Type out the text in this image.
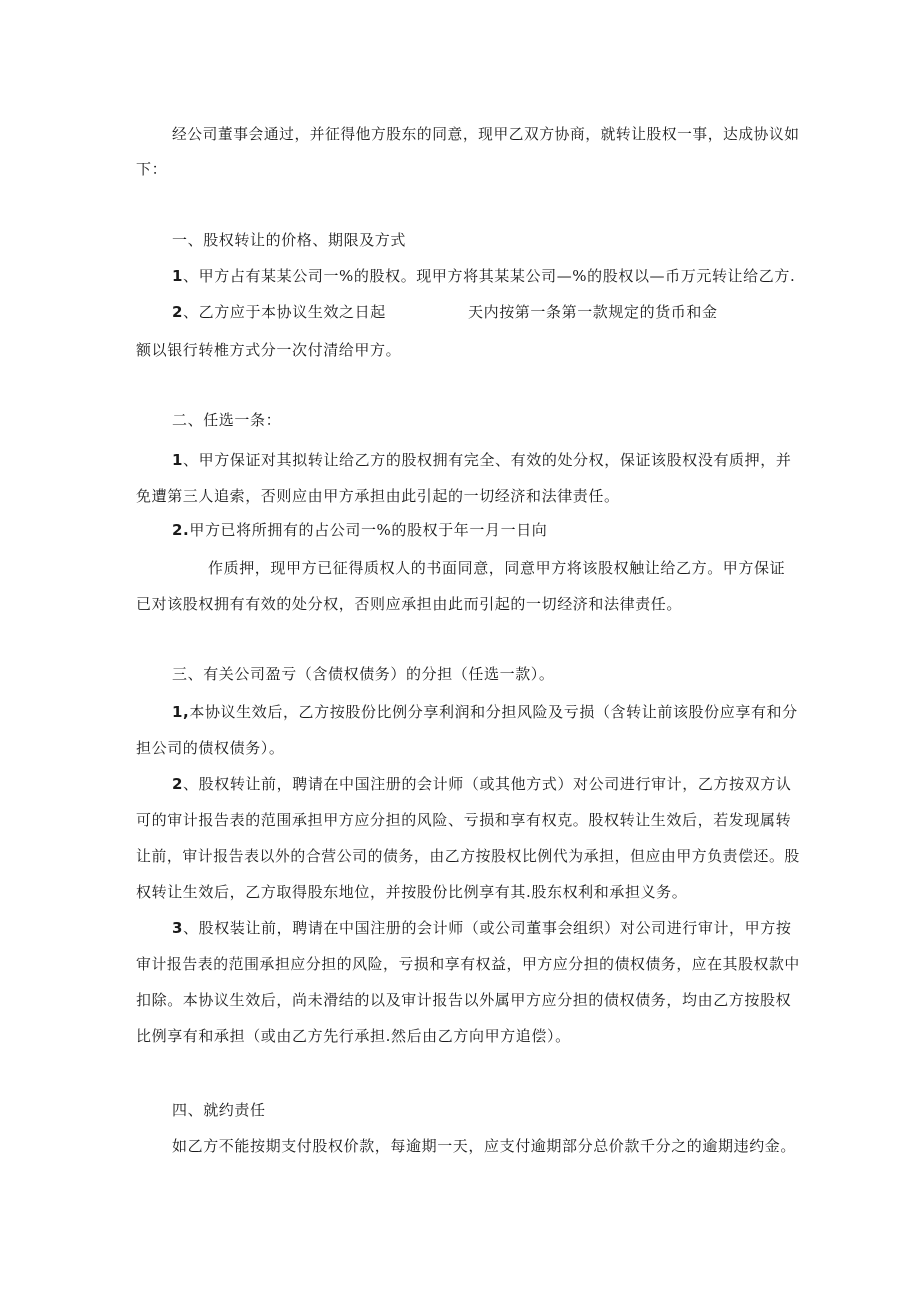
经公司董事会通过，并征得他方股东的同意，现甲乙双方协商，就转让股权一事，达成协议如
下：
一、股权转让的价格、期限及方式
1、甲方占有某某公司一%的股权。现甲方将其某某公司—%的股权以—币万元转让给乙方.
2、乙方应于本协议生效之日起	天内按第一条第一款规定的货币和金
额以银行转椎方式分一次付清给甲方。
二、任选一条：
1、甲方保证对其拟转让给乙方的股权拥有完全、有效的处分权，保证该股权没有质押，并
免遭第三人追索，否则应由甲方承担由此引起的一切经济和法律责任。
2.甲方已将所拥有的占公司一%的股权于年一月一日向
作质押，现甲方已征得质权人的书面同意，同意甲方将该股权触让给乙方。甲方保证
已对该股权拥有有效的处分权，否则应承担由此而引起的一切经济和法律责任。
三、有关公司盈亏（含债权债务）的分担（任选一款）。
1,本协议生效后，乙方按股份比例分享利润和分担风险及亏损（含转让前该股份应享有和分
担公司的债权债务）。
2、股权转让前，聘请在中国注册的会计师（或其他方式）对公司进行审计，乙方按双方认
可的审计报告表的范围承担甲方应分担的风险、亏损和享有权克。股权转让生效后，若发现属转
让前，审计报告表以外的合营公司的债务，由乙方按股权比例代为承担，但应由甲方负责偿还。股
权转让生效后，乙方取得股东地位，并按股份比例享有其.股东权利和承担义务。
3、股权装让前，聘请在中国注册的会计师（或公司董事会组织）对公司进行审计，甲方按
审计报告表的范围承担应分担的风险，亏损和享有权益，甲方应分担的债权债务，应在其股权款中
扣除。本协议生效后，尚未滑结的以及审计报告以外属甲方应分担的债权债务，均由乙方按股权
比例享有和承担（或由乙方先行承担.然后由乙方向甲方追偿）。
四、就约责任
如乙方不能按期支付股权价款，每逾期一天，应支付逾期部分总价款千分之的逾期违约金。
